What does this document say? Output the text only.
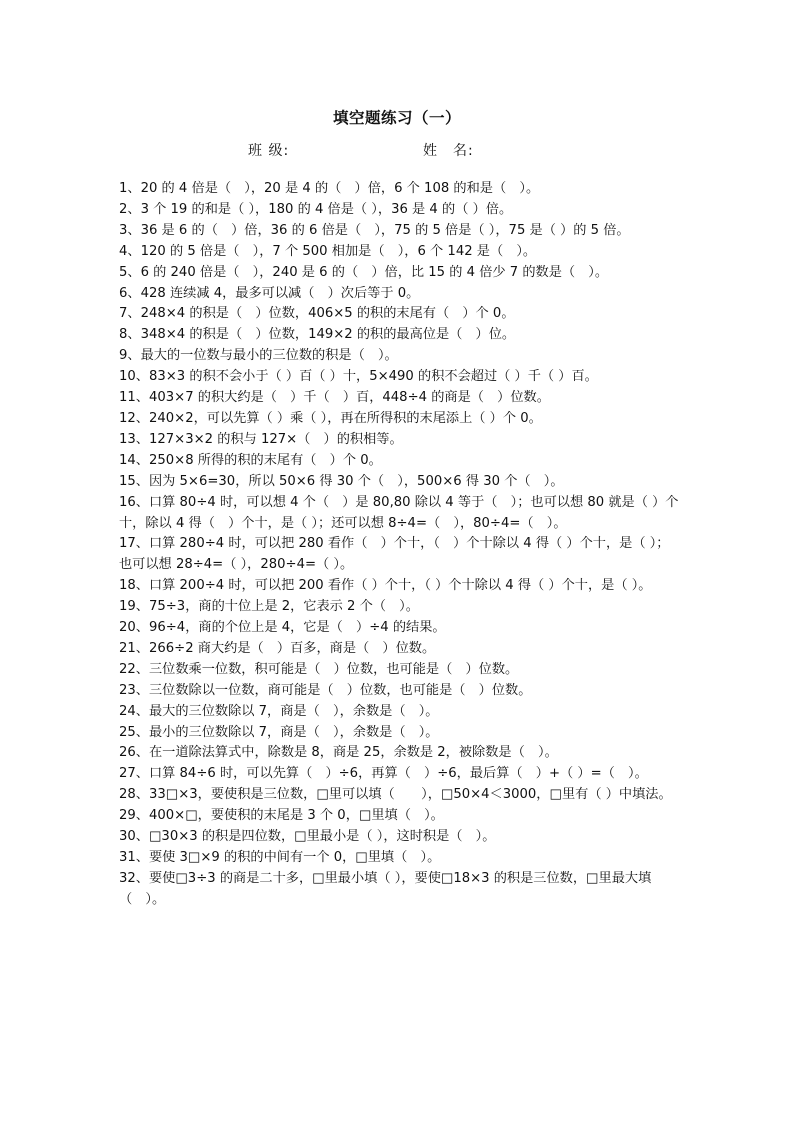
填空题练习（一）
班 级:	姓　名:
1、20 的 4 倍是（　），20 是 4 的（　）倍，6 个 108 的和是（　）。
2、3 个 19 的和是（ ），180 的 4 倍是（ ），36 是 4 的（ ）倍。
3、36 是 6 的（　）倍，36 的 6 倍是（　），75 的 5 倍是（ ），75 是（ ）的 5 倍。
4、120 的 5 倍是（　），7 个 500 相加是（　），6 个 142 是（　）。
5、6 的 240 倍是（　），240 是 6 的（　）倍，比 15 的 4 倍少 7 的数是（　）。
6、428 连续减 4，最多可以减（　）次后等于 0。
7、248×4 的积是（　）位数，406×5 的积的末尾有（　）个 0。
8、348×4 的积是（　）位数，149×2 的积的最高位是（　）位。
9、最大的一位数与最小的三位数的积是（　）。
10、83×3 的积不会小于（ ）百（ ）十，5×490 的积不会超过（ ）千（ ）百。
11、403×7 的积大约是（　）千（　）百，448÷4 的商是（　）位数。
12、240×2，可以先算（ ）乘（ ），再在所得积的末尾添上（ ）个 0。
13、127×3×2 的积与 127×（　）的积相等。
14、250×8 所得的积的末尾有（　）个 0。
15、因为 5×6=30，所以 50×6 得 30 个（　），500×6 得 30 个（　）。
16、口算 80÷4 时，可以想 4 个（　）是 80,80 除以 4 等于（　）；也可以想 80 就是（ ）个十，除以 4 得（　）个十，是（ ）；还可以想 8÷4=（　），80÷4=（　）。
17、口算 280÷4 时，可以把 280 看作（　）个十，（　）个十除以 4 得（ ）个十，是（ ）；也可以想 28÷4=（ ），280÷4=（ ）。
18、口算 200÷4 时，可以把 200 看作（ ）个十，（ ）个十除以 4 得（ ）个十，是（ ）。
19、75÷3，商的十位上是 2，它表示 2 个（　）。
20、96÷4，商的个位上是 4，它是（　）÷4 的结果。
21、266÷2 商大约是（　）百多，商是（　）位数。
22、三位数乘一位数，积可能是（　）位数，也可能是（　）位数。
23、三位数除以一位数，商可能是（　）位数，也可能是（　）位数。
24、最大的三位数除以 7，商是（　），余数是（　）。
25、最小的三位数除以 7，商是（　），余数是（　）。
26、在一道除法算式中，除数是 8，商是 25，余数是 2，被除数是（　）。
27、口算 84÷6 时，可以先算（　）÷6，再算（　）÷6，最后算（　）+（ ）=（　）。
28、33□×3，要使积是三位数，□里可以填（　　），□50×4＜3000，□里有（ ）中填法。
29、400×□，要使积的末尾是 3 个 0，□里填（　）。
30、□30×3 的积是四位数，□里最小是（ ），这时积是（　）。
31、要使 3□×9 的积的中间有一个 0，□里填（　）。
32、要使□3÷3 的商是二十多，□里最小填（ ），要使□18×3 的积是三位数，□里最大填（　）。
